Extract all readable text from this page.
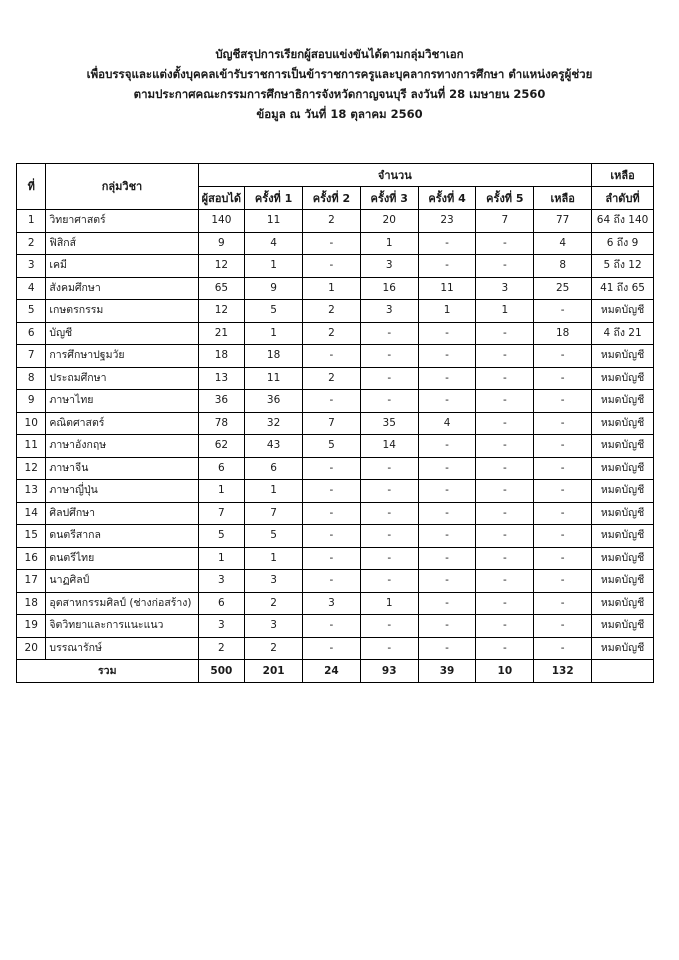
บัญชีสรุปการเรียกผู้สอบแข่งขันได้ตามกลุ่มวิชาเอก
เพื่อบรรจุและแต่งตั้งบุคคลเข้ารับราชการเป็นข้าราชการครูและบุคลากรทางการศึกษา ตำแหน่งครูผู้ช่วย
ตามประกาศคณะกรรมการศึกษาธิการจังหวัดกาญจนบุรี ลงวันที่ 28 เมษายน 2560
ข้อมูล ณ วันที่ 18 ตุลาคม 2560
ที่	กลุ่มวิชา	จำนวน							เหลือ
		ผู้สอบได้	ครั้งที่ 1	ครั้งที่ 2	ครั้งที่ 3	ครั้งที่ 4	ครั้งที่ 5	เหลือ	ลำดับที่
1	วิทยาศาสตร์	140	11	2	20	23	7	77	64 ถึง 140
2	ฟิสิกส์	9	4	-	1	-	-	4	6 ถึง 9
3	เคมี	12	1	-	3	-	-	8	5 ถึง 12
4	สังคมศึกษา	65	9	1	16	11	3	25	41 ถึง 65
5	เกษตรกรรม	12	5	2	3	1	1	-	หมดบัญชี
6	บัญชี	21	1	2	-	-	-	18	4 ถึง 21
7	การศึกษาปฐมวัย	18	18	-	-	-	-	-	หมดบัญชี
8	ประถมศึกษา	13	11	2	-	-	-	-	หมดบัญชี
9	ภาษาไทย	36	36	-	-	-	-	-	หมดบัญชี
10	คณิตศาสตร์	78	32	7	35	4	-	-	หมดบัญชี
11	ภาษาอังกฤษ	62	43	5	14	-	-	-	หมดบัญชี
12	ภาษาจีน	6	6	-	-	-	-	-	หมดบัญชี
13	ภาษาญี่ปุ่น	1	1	-	-	-	-	-	หมดบัญชี
14	ศิลปศึกษา	7	7	-	-	-	-	-	หมดบัญชี
15	ดนตรีสากล	5	5	-	-	-	-	-	หมดบัญชี
16	ดนตรีไทย	1	1	-	-	-	-	-	หมดบัญชี
17	นาฏศิลป์	3	3	-	-	-	-	-	หมดบัญชี
18	อุตสาหกรรมศิลป์ (ช่างก่อสร้าง)	6	2	3	1	-	-	-	หมดบัญชี
19	จิตวิทยาและการแนะแนว	3	3	-	-	-	-	-	หมดบัญชี
20	บรรณารักษ์	2	2	-	-	-	-	-	หมดบัญชี
รวม		500	201	24	93	39	10	132	
